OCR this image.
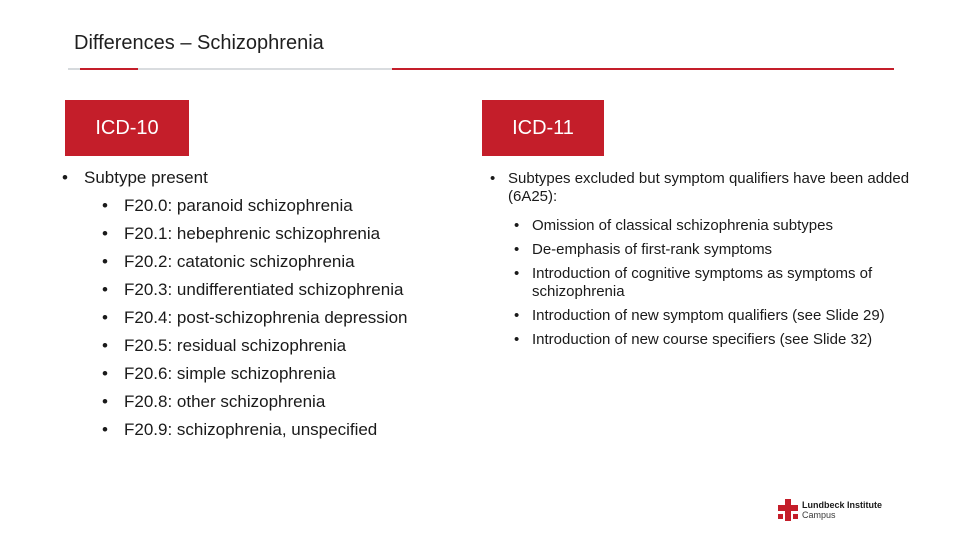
Differences – Schizophrenia
ICD-10	ICD-11
• Subtype present
• F20.0: paranoid schizophrenia
• F20.1: hebephrenic schizophrenia
• F20.2: catatonic schizophrenia
• F20.3: undifferentiated schizophrenia
• F20.4: post-schizophrenia depression
• F20.5: residual schizophrenia
• F20.6: simple schizophrenia
• F20.8: other schizophrenia
• F20.9: schizophrenia, unspecified
• Subtypes excluded but symptom qualifiers have been added (6A25):
• Omission of classical schizophrenia subtypes
• De-emphasis of first-rank symptoms
• Introduction of cognitive symptoms as symptoms of schizophrenia
• Introduction of new symptom qualifiers (see Slide 29)
• Introduction of new course specifiers (see Slide 32)
Lundbeck Institute
Campus
